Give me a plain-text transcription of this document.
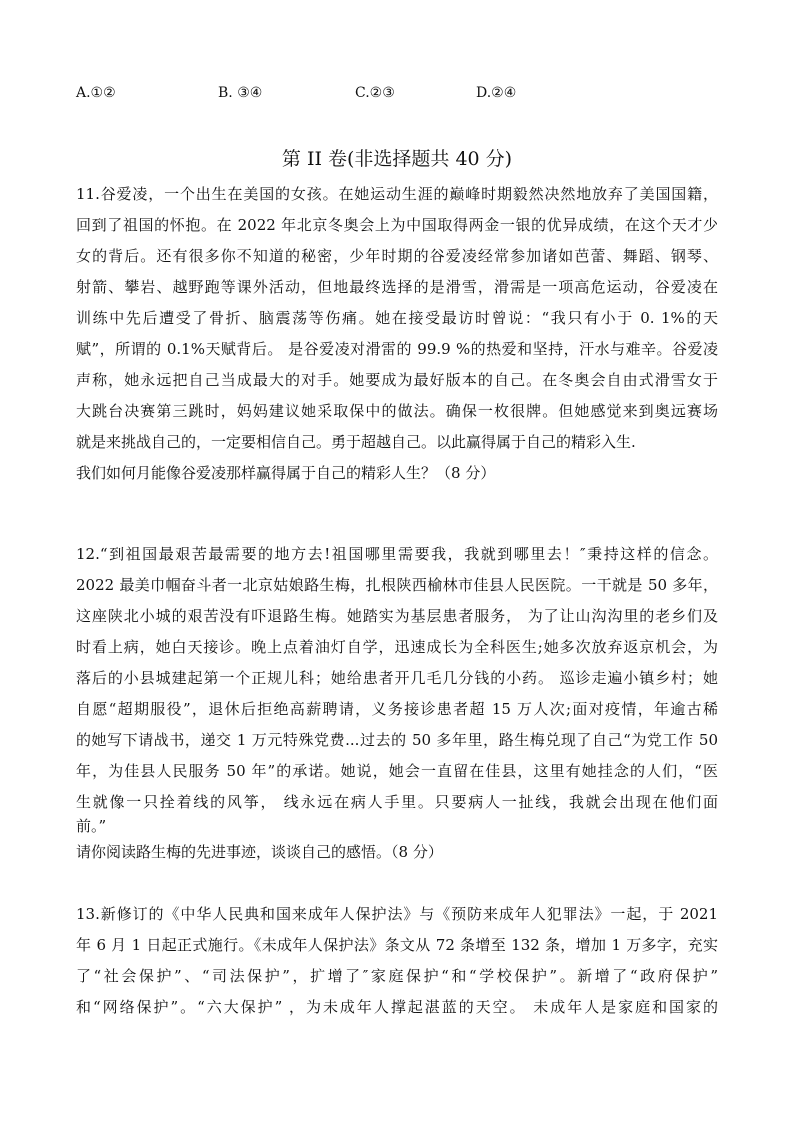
A.①②	B. ③④	C.②③	D.②④
第 II 卷(非选择题共 40 分)
11.谷爱凌，一个出生在美国的女孩。在她运动生涯的巅峰时期毅然决然地放弃了美国国籍，
回到了祖国的怀抱。在 2022 年北京冬奥会上为中国取得两金一银的优异成绩，在这个天才少
女的背后。还有很多你不知道的秘密，少年时期的谷爱凌经常参加诸如芭蕾、舞蹈、钢琴、
射箭、攀岩、越野跑等课外活动，但地最终选择的是滑雪，滑需是一项高危运动，谷爱凌在
训练中先后遭受了骨折、脑震荡等伤痛。她在接受最访时曾说：“我只有小于 0. 1%的天
赋”，所谓的 0.1%天赋背后。 是谷爱凌对滑雷的 99.9 %的热爱和坚持，汗水与难辛。谷爱凌
声称，她永远把自己当成最大的对手。她要成为最好版本的自己。在冬奥会自由式滑雪女于
大跳台决赛第三跳时，妈妈建议她采取保中的做法。确保一枚很牌。但她感觉来到奥远赛场
就是来挑战自己的，一定要相信自己。勇于超越自己。以此赢得属于自己的精彩入生.
我们如何月能像谷爱凌那样赢得属于自己的精彩人生？（8 分）
12.“到祖国最艰苦最需要的地方去!祖国哪里需要我，我就到哪里去！″秉持这样的信念。
2022 最美巾帼奋斗者一北京姑娘路生梅，扎根陕西榆林市佳县人民医院。一干就是 50 多年，
这座陕北小城的艰苦没有吓退路生梅。她踏实为基层患者服务， 为了让山沟沟里的老乡们及
时看上病，她白天接诊。晚上点着油灯自学，迅速成长为全科医生;她多次放弃返京机会，为
落后的小县城建起第一个正规儿科；她给患者开几毛几分钱的小药。 巡诊走遍小镇乡村；她
自愿“超期服役”，退休后拒绝高薪聘请，义务接诊患者超 15 万人次;面对疫情，年逾古稀
的她写下请战书，递交 1 万元特殊党费...过去的 50 多年里，路生梅兑现了自己“为党工作 50
年，为佳县人民服务 50 年”的承诺。她说，她会一直留在佳县，这里有她挂念的人们，“医
生就像一只拴着线的风筝， 线永远在病人手里。只要病人一扯线，我就会出现在他们面
前。”
请你阅读路生梅的先进事迹，谈谈自己的感悟。（8 分）
13.新修订的《中华人民典和国来成年人保护法》与《预防来成年人犯罪法》一起，于 2021
年 6 月 1 日起正式施行。《未成年人保护法》条文从 72 条增至 132 条，增加 1 万多字，充实
了“社会保护”、“司法保护”，扩增了″家庭保护“和“学校保护”。新增了“政府保护”
和“网络保护”。“六大保护” ，为未成年人撑起湛蓝的天空。 未成年人是家庭和国家的
